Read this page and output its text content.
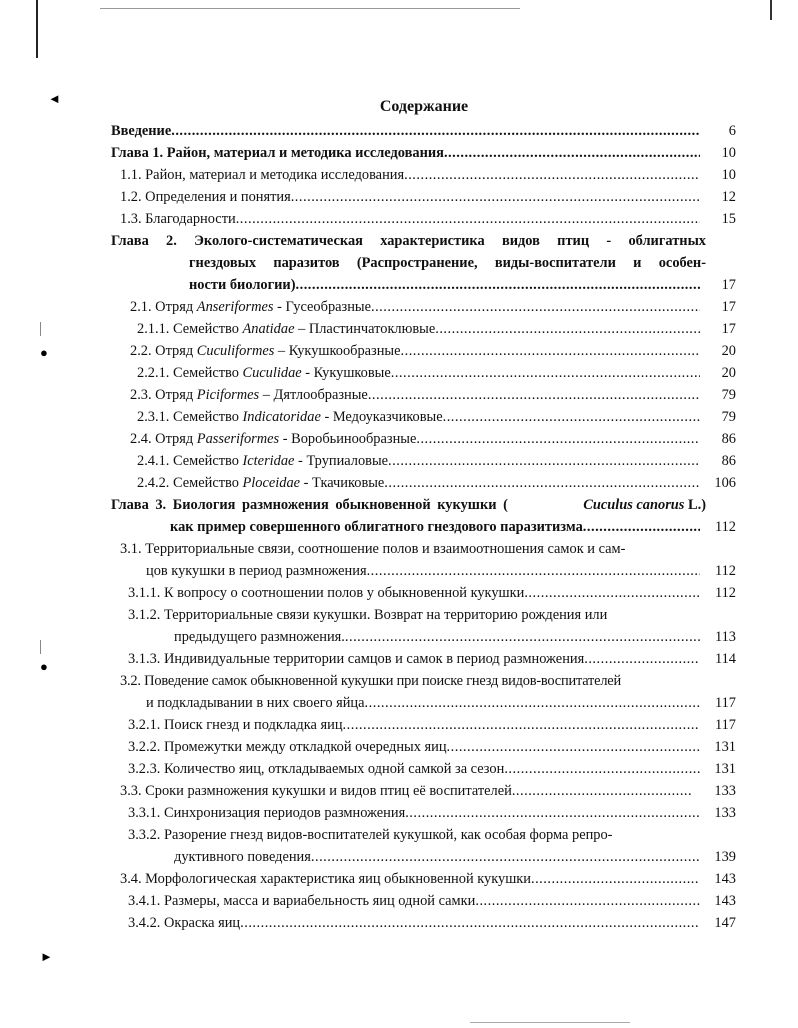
◄
●
●
►
Содержание
Введение .....	6
Глава 1. Район, материал и методика исследования .....	10
1.1. Район, материал и методика исследования .....	10
1.2. Определения и понятия .....	12
1.3. Благодарности .....	15
Глава 2. Эколого-систематическая характеристика видов птиц - облигатных
гнездовых паразитов (Распространение, виды-воспитатели и особен-
ности биологии) .....	17
2.1. Отряд Anseriformes - Гусеобразные .....	17
2.1.1. Семейство Anatidae – Пластинчатоклювые .....	17
2.2. Отряд Cuculiformes – Кукушкообразные .....	20
2.2.1. Семейство Cuculidae - Кукушковые .....	20
2.3. Отряд Piciformes – Дятлообразные .....	79
2.3.1. Семейство Indicatoridae - Медоуказчиковые .....	79
2.4. Отряд Passeriformes - Воробьинообразные .....	86
2.4.1. Семейство Icteridae - Трупиаловые .....	86
2.4.2. Семейство Ploceidae - Ткачиковые .....	106
Глава 3. Биология размножения обыкновенной кукушки (	Cuculus canorus L.)
как пример совершенного облигатного гнездового паразитизма .....	112
3.1. Территориальные связи, соотношение полов и взаимоотношения самок и сам-
цов кукушки в период размножения .....	112
3.1.1. К вопросу о соотношении полов у обыкновенной кукушки .....	112
3.1.2. Территориальные связи кукушки. Возврат на территорию рождения или
предыдущего размножения. .....	113
3.1.3. Индивидуальные территории самцов и самок в период размножения .....	114
3.2. Поведение самок обыкновенной кукушки при поиске гнезд видов-воспитателей
и подкладывании в них своего яйца .....	117
3.2.1. Поиск гнезд и подкладка яиц .....	117
3.2.2. Промежутки между откладкой очередных яиц .....	131
3.2.3. Количество яиц, откладываемых одной самкой за сезон .....	131
3.3. Сроки размножения кукушки и видов птиц её воспитателей .....	133
3.3.1. Синхронизация периодов размножения .....	133
3.3.2. Разорение гнезд видов-воспитателей кукушкой, как особая форма репро-
дуктивного поведения .....	139
3.4. Морфологическая характеристика яиц обыкновенной кукушки .....	143
3.4.1. Размеры, масса и вариабельность яиц одной самки .....	143
3.4.2. Окраска яиц .....	147
